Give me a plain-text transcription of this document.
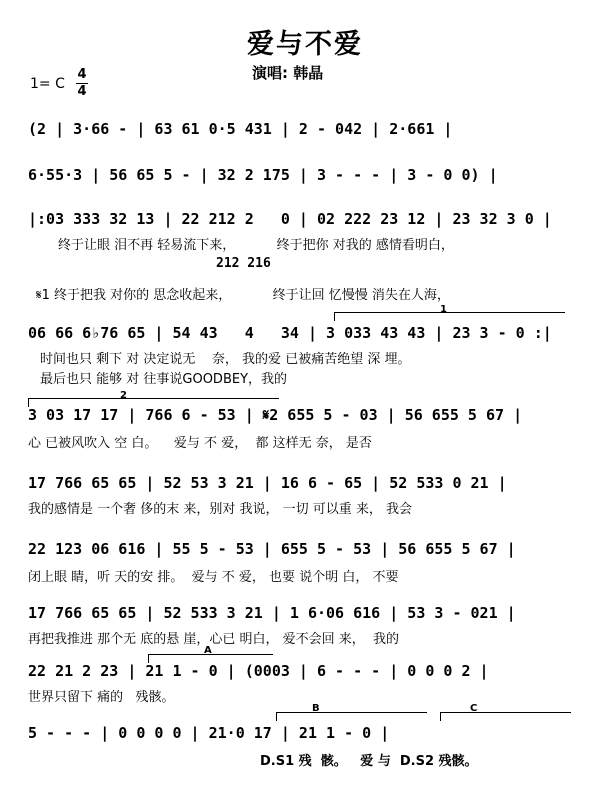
爱与不爱
演唱: 韩晶
1= C
4
4
(2 | 3·66 - | 63 61 0·5 431 | 2 - 042 | 2·661 |
6·55·3 | 56 65 5 - | 32 2 175 | 3 - - - | 3 - 0 0) |
|:03 333 32 13 | 22 212 2   0 | 02 222 23 12 | 23 32 3 0 |
终于让眼 泪不再 轻易流下来，          终于把你 对我的 感情看明白，
212 216
𝄋1 终于把我 对你的 思念收起来，          终于让回 忆慢慢 消失在人海，
1
06 66 6♭76 65 | 54 43   4   34 | 3 033 43 43 | 23 3 - 0 :|
时间也只 剩下 对 决定说无    奈， 我的爱 已被痛苦绝望 深 埋。
最后也只 能够 对 往事说GOODBEY，我的
2
3 03 17 17 | 766 6 - 53 | 𝄋2 655 5 - 03 | 56 655 5 67 |
心 已被风吹入 空 白。    爱与 不 爱，  都 这样无 奈， 是否
17 766 65 65 | 52 53 3 21 | 16 6 - 65 | 52 533 0 21 |
我的感情是 一个奢 侈的末 来，别对 我说， 一切 可以重 来， 我会
22 123 06 616 | 55 5 - 53 | 655 5 - 53 | 56 655 5 67 |
闭上眼 睛，听 天的安 排。  爱与 不 爱， 也要 说个明 白， 不要
17 766 65 65 | 52 533 3 21 | 1 6·06 616 | 53 3 - 021 |
再把我推进 那个无 底的悬 崖，心已 明白， 爱不会回 来，  我的
A
22 21 2 23 | 21 1 - 0 | (0003 | 6 - - - | 0 0 0 2 |
世界只留下 痛的   残骸。
B	C
5 - - - | 0 0 0 0 | 21·0 17 | 21 1 - 0 |
D.S1 残  骸。   爱 与  D.S2 残骸。
